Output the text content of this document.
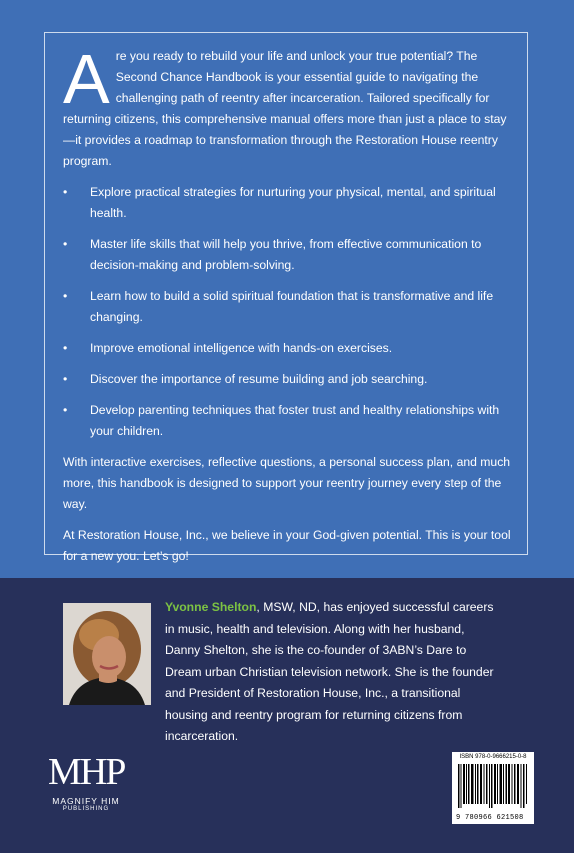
Are you ready to rebuild your life and unlock your true potential? The Second Chance Handbook is your essential guide to navigating the challenging path of reentry after incarceration. Tailored specifically for returning citizens, this comprehensive manual offers more than just a place to stay—it provides a roadmap to transformation through the Restoration House reentry program.

• Explore practical strategies for nurturing your physical, mental, and spiritual health.
• Master life skills that will help you thrive, from effective communication to decision-making and problem-solving.
• Learn how to build a solid spiritual foundation that is transformative and life changing.
• Improve emotional intelligence with hands-on exercises.
• Discover the importance of resume building and job searching.
• Develop parenting techniques that foster trust and healthy relationships with your children.

With interactive exercises, reflective questions, a personal success plan, and much more, this handbook is designed to support your reentry journey every step of the way.

At Restoration House, Inc., we believe in your God-given potential. This is your tool for a new you. Let’s go!

Yvonne Shelton, MSW, ND, has enjoyed successful careers in music, health and television. Along with her husband, Danny Shelton, she is the co-founder of 3ABN’s Dare to Dream urban Christian television network. She is the founder and President of Restoration House, Inc., a transitional housing and reentry program for returning citizens from incarceration.
MHP
MAGNIFY HIM
PUBLISHING
ISBN 978-0-9666215-0-8
9 780966 621508
